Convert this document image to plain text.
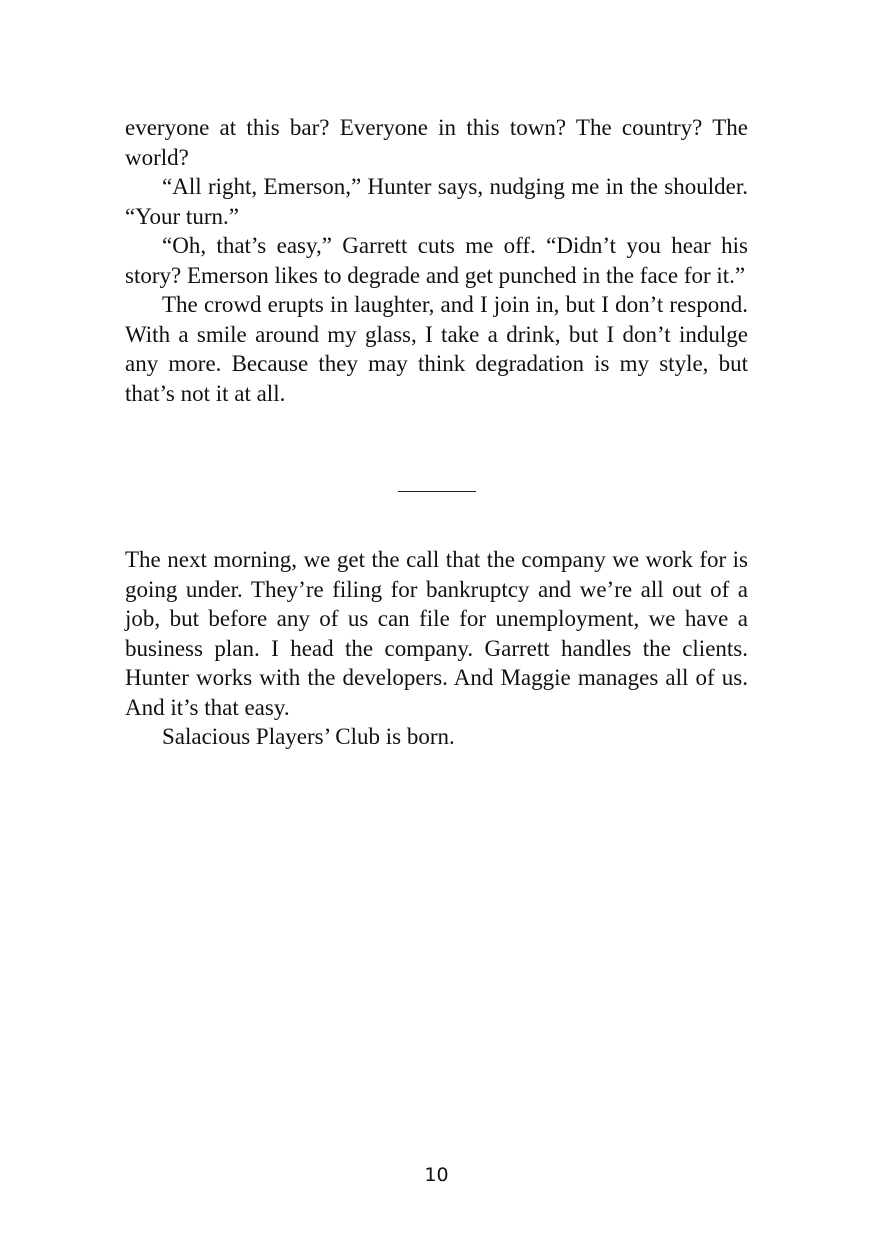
everyone at this bar? Everyone in this town? The country? The world?

“All right, Emerson,” Hunter says, nudging me in the shoulder. “Your turn.”

“Oh, that’s easy,” Garrett cuts me off. “Didn’t you hear his story? Emerson likes to degrade and get punched in the face for it.”

The crowd erupts in laughter, and I join in, but I don’t respond. With a smile around my glass, I take a drink, but I don’t indulge any more. Because they may think degradation is my style, but that’s not it at all.

The next morning, we get the call that the company we work for is going under. They’re filing for bankruptcy and we’re all out of a job, but before any of us can file for unemployment, we have a business plan. I head the company. Garrett handles the clients. Hunter works with the developers. And Maggie manages all of us. And it’s that easy.

Salacious Players’ Club is born.

10
